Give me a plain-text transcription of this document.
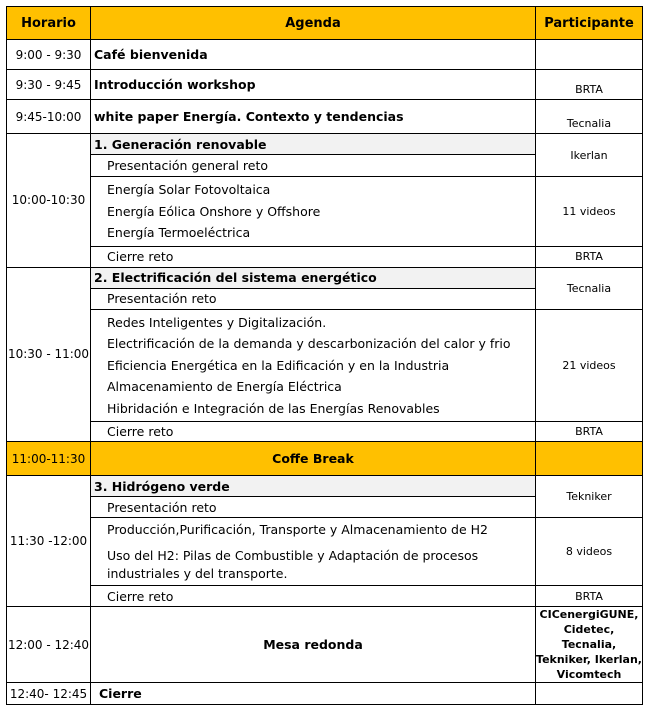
Horario	Agenda	Participante
9:00 - 9:30	Café bienvenida	
9:30 - 9:45	Introducción workshop	BRTA
9:45-10:00	white paper Energía. Contexto y tendencias	Tecnalia
10:00-10:30	1. Generación renovable	Ikerlan
	Presentación general reto	

	Energía Solar Fotovoltaica
Energía Eólica Onshore y Offshore
Energía Termoeléctrica	11 videos
	Cierre reto	BRTA
10:30 - 11:00	2. Electrificación del sistema energético	Tecnalia
	Presentación reto	

	Redes Inteligentes y Digitalización.
Electrificación de la demanda y descarbonización del calor y frio
Eficiencia Energética en la Edificación y en la Industria
Almacenamiento de Energía Eléctrica
Hibridación e Integración de las Energías Renovables	21 videos
	Cierre reto	BRTA
11:00-11:30	Coffe Break	
11:30 -12:00	3. Hidrógeno verde	Tekniker
	Presentación reto	

	Producción,Purificación, Transporte y Almacenamiento de H2
Uso del H2: Pilas de Combustible y Adaptación de procesos industriales y del transporte.	8 videos
	Cierre reto	BRTA
12:00 - 12:40	Mesa redonda	CICenergiGUNE,
Cidetec, Tecnalia,
Tekniker, Ikerlan,
Vicomtech

12:40- 12:45	Cierre	
